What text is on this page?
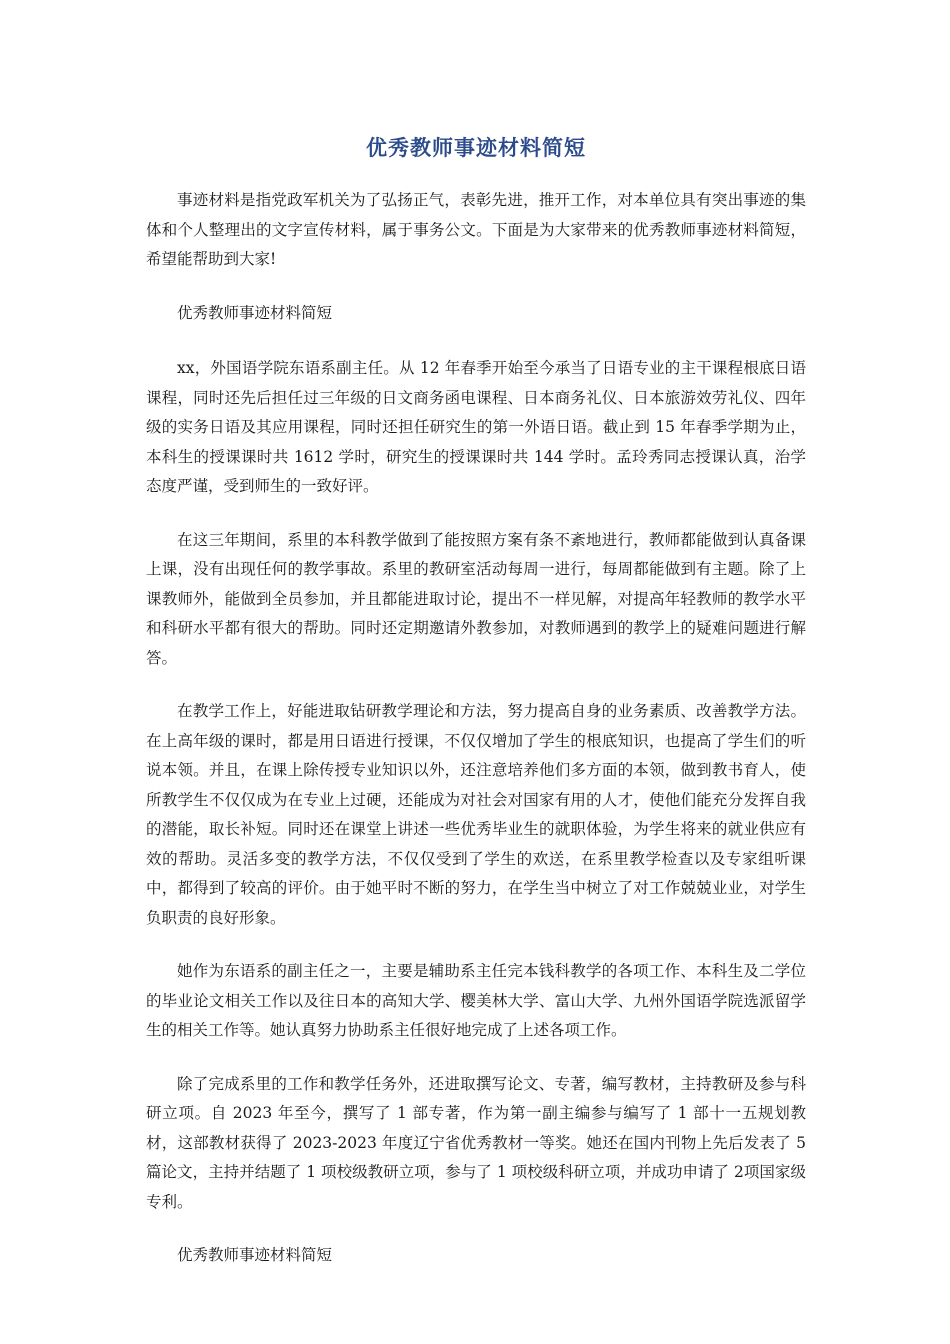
优秀教师事迹材料简短

事迹材料是指党政军机关为了弘扬正气，表彰先进，推开工作，对本单位具有突出事迹的集体和个人整理出的文字宣传材料，属于事务公文。下面是为大家带来的优秀教师事迹材料简短，希望能帮助到大家!

优秀教师事迹材料简短

xx，外国语学院东语系副主任。从 12 年春季开始至今承当了日语专业的主干课程根底日语课程，同时还先后担任过三年级的日文商务函电课程、日本商务礼仪、日本旅游效劳礼仪、四年级的实务日语及其应用课程，同时还担任研究生的第一外语日语。截止到 15 年春季学期为止，本科生的授课课时共 1612 学时，研究生的授课课时共 144 学时。孟玲秀同志授课认真，治学态度严谨，受到师生的一致好评。

在这三年期间，系里的本科教学做到了能按照方案有条不紊地进行，教师都能做到认真备课上课，没有出现任何的教学事故。系里的教研室活动每周一进行，每周都能做到有主题。除了上课教师外，能做到全员参加，并且都能进取讨论，提出不一样见解，对提高年轻教师的教学水平和科研水平都有很大的帮助。同时还定期邀请外教参加，对教师遇到的教学上的疑难问题进行解答。

在教学工作上，好能进取钻研教学理论和方法，努力提高自身的业务素质、改善教学方法。在上高年级的课时，都是用日语进行授课，不仅仅增加了学生的根底知识，也提高了学生们的听说本领。并且，在课上除传授专业知识以外，还注意培养他们多方面的本领，做到教书育人，使所教学生不仅仅成为在专业上过硬，还能成为对社会对国家有用的人才，使他们能充分发挥自我的潜能，取长补短。同时还在课堂上讲述一些优秀毕业生的就职体验，为学生将来的就业供应有效的帮助。灵活多变的教学方法，不仅仅受到了学生的欢送，在系里教学检查以及专家组听课中，都得到了较高的评价。由于她平时不断的努力，在学生当中树立了对工作兢兢业业，对学生负职责的良好形象。

她作为东语系的副主任之一，主要是辅助系主任完本钱科教学的各项工作、本科生及二学位的毕业论文相关工作以及往日本的高知大学、樱美林大学、富山大学、九州外国语学院选派留学生的相关工作等。她认真努力协助系主任很好地完成了上述各项工作。

除了完成系里的工作和教学任务外，还进取撰写论文、专著，编写教材，主持教研及参与科研立项。自 2023 年至今，撰写了 1 部专著，作为第一副主编参与编写了 1 部十一五规划教材，这部教材获得了 2023-2023 年度辽宁省优秀教材一等奖。她还在国内刊物上先后发表了 5 篇论文，主持并结题了 1 项校级教研立项，参与了 1 项校级科研立项，并成功申请了 2项国家级专利。

优秀教师事迹材料简短
